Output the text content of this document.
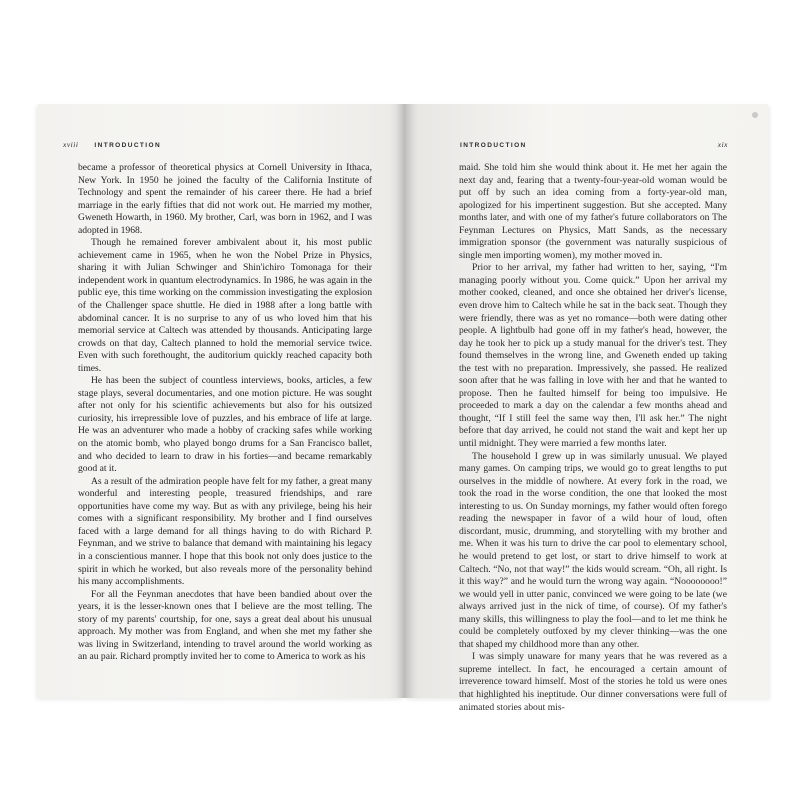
xviii INTRODUCTION

became a professor of theoretical physics at Cornell University in Ithaca, New York. In 1950 he joined the faculty of the California Institute of Technology and spent the remainder of his career there. He had a brief marriage in the early fifties that did not work out. He married my mother, Gweneth Howarth, in 1960. My brother, Carl, was born in 1962, and I was adopted in 1968.

Though he remained forever ambivalent about it, his most public achievement came in 1965, when he won the Nobel Prize in Physics, sharing it with Julian Schwinger and Shin'ichiro Tomonaga for their independent work in quantum electrodynamics. In 1986, he was again in the public eye, this time working on the commission investigating the explosion of the Challenger space shuttle. He died in 1988 after a long battle with abdominal cancer. It is no surprise to any of us who loved him that his memorial service at Caltech was attended by thousands. Anticipating large crowds on that day, Caltech planned to hold the memorial service twice. Even with such forethought, the auditorium quickly reached capacity both times.

He has been the subject of countless interviews, books, articles, a few stage plays, several documentaries, and one motion picture. He was sought after not only for his scientific achievements but also for his outsized curiosity, his irrepressible love of puzzles, and his embrace of life at large. He was an adventurer who made a hobby of cracking safes while working on the atomic bomb, who played bongo drums for a San Francisco ballet, and who decided to learn to draw in his forties—and became remarkably good at it.

As a result of the admiration people have felt for my father, a great many wonderful and interesting people, treasured friendships, and rare opportunities have come my way. But as with any privilege, being his heir comes with a significant responsibility. My brother and I find ourselves faced with a large demand for all things having to do with Richard P. Feynman, and we strive to balance that demand with maintaining his legacy in a conscientious manner. I hope that this book not only does justice to the spirit in which he worked, but also reveals more of the personality behind his many accomplishments.

For all the Feynman anecdotes that have been bandied about over the years, it is the lesser-known ones that I believe are the most telling. The story of my parents' courtship, for one, says a great deal about his unusual approach. My mother was from England, and when she met my father she was living in Switzerland, intending to travel around the world working as an au pair. Richard promptly invited her to come to America to work as his

INTRODUCTION	xix

maid. She told him she would think about it. He met her again the next day and, fearing that a twenty-four-year-old woman would be put off by such an idea coming from a forty-year-old man, apologized for his impertinent suggestion. But she accepted. Many months later, and with one of my father's future collaborators on The Feynman Lectures on Physics, Matt Sands, as the necessary immigration sponsor (the government was naturally suspicious of single men importing women), my mother moved in.

Prior to her arrival, my father had written to her, saying, “I'm managing poorly without you. Come quick.” Upon her arrival my mother cooked, cleaned, and once she obtained her driver's license, even drove him to Caltech while he sat in the back seat. Though they were friendly, there was as yet no romance—both were dating other people. A lightbulb had gone off in my father's head, however, the day he took her to pick up a study manual for the driver's test. They found themselves in the wrong line, and Gweneth ended up taking the test with no preparation. Impressively, she passed. He realized soon after that he was falling in love with her and that he wanted to propose. Then he faulted himself for being too impulsive. He proceeded to mark a day on the calendar a few months ahead and thought, “If I still feel the same way then, I'll ask her.” The night before that day arrived, he could not stand the wait and kept her up until midnight. They were married a few months later.

The household I grew up in was similarly unusual. We played many games. On camping trips, we would go to great lengths to put ourselves in the middle of nowhere. At every fork in the road, we took the road in the worse condition, the one that looked the most interesting to us. On Sunday mornings, my father would often forego reading the newspaper in favor of a wild hour of loud, often discordant, music, drumming, and storytelling with my brother and me. When it was his turn to drive the car pool to elementary school, he would pretend to get lost, or start to drive himself to work at Caltech. “No, not that way!” the kids would scream. “Oh, all right. Is it this way?” and he would turn the wrong way again. “Noooooooo!” we would yell in utter panic, convinced we were going to be late (we always arrived just in the nick of time, of course). Of my father's many skills, this willingness to play the fool—and to let me think he could be completely outfoxed by my clever thinking—was the one that shaped my childhood more than any other.

I was simply unaware for many years that he was revered as a supreme intellect. In fact, he encouraged a certain amount of irreverence toward himself. Most of the stories he told us were ones that highlighted his ineptitude. Our dinner conversations were full of animated stories about mis-
